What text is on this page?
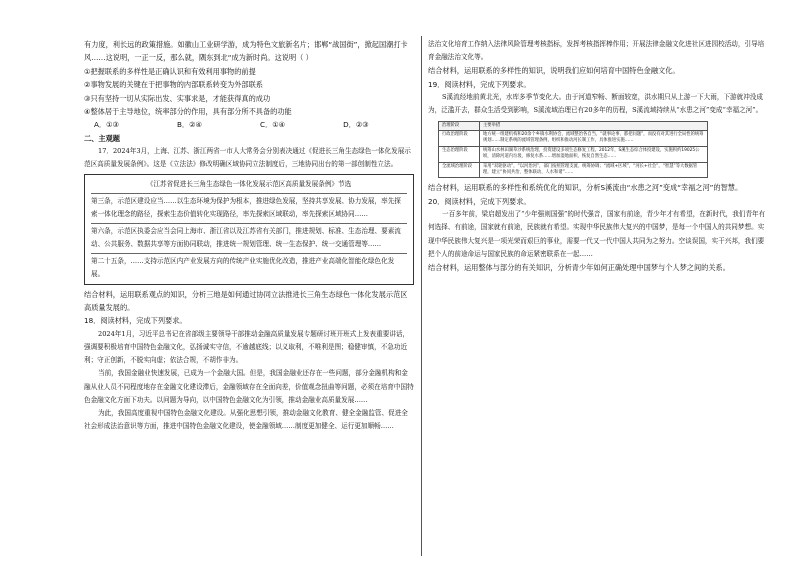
有力度，利长远的政策措施。如徽山工业研学游，成为特色文旅新名片；邯郸“战国街”，掀起国潮打卡风……这说明，一正一反，那么就，隅东到北“成为新时尚。这说明（ ）

①把握联系的多样性是正确认识和有效利用事物的前提

②事物发展的关键在于把事物的内部联系转变为外部联系

③只有坚持一切从实际出发、实事求是，才能获得真的成功

④整体居于主导地位，统率部分的作用，具有部分所不具备的功能

A．①③	B．②④	C．①④	D．②③

二、主观题

17．2024年3月，上海、江苏、浙江两省一市人大常务会分别表决通过《促进长三角生态绿色一体化发展示范区高质量发展条例》。这是《立法法》修改明确区域协同立法制度后，三地协同出台的第一部创制性立法。

《江苏省促进长三角生态绿色一体化发展示范区高质量发展条例》节选
第三条，示范区建设应当……以生态环境为保护为根本，推进绿色发展，坚持共享发展、协力发展，率先探索一体化理念的路径，探索生态价值转化实现路径，率先探索区域联动，率先探索区域协同……
第六条，示范区执委会应当会同上海市、浙江省以及江苏省有关部门，推进规划、标准、生态治理、要素流动、公共服务、数据共享等方面协同联动，推进统一规划管理、统一生态保护、统一交通管理等……
第二十五条，……支持示范区内产业发展方向的传统产业实施优化改造，推进产业高端化智能化绿色化发展。

结合材料，运用联系观点的知识，分析三地是如何通过协同立法推进长三角生态绿色一体化发展示范区高质量发展的。

18．阅读材料，完成下列要求。

2024年1月，习近平总书记在省部级主要领导干部推动金融高质量发展专题研讨班开班式上发表重要讲话，强调要积极培育中国特色金融文化，弘扬诚实守信，不逾越底线；以义取利，不唯利是图；稳健审慎，不急功近利；守正创新，不脱实向虚；依法合规，不胡作非为。

当前，我国金融业快速发展，已成为一个金融大国。但是，我国金融业还存在一些问题，部分金融机构和金融从业人员不同程度地存在金融文化建设滞后，金融领域存在全面向差，价值观念扭曲等问题，必须在培育中国特色金融文化方面下功夫。以问题为导向，以中国特色金融文化为引领，推动金融业高质量发展……

为此，我国高度重视中国特色金融文化建设。从强化思想引领，推动金融文化教育、健全金融监管、促进全社会形成法治意识等方面，推进中国特色金融文化建设，使金融领域……制度更加健全、运行更加顺畅……

法治文化培育工作纳入法律风险管理考核指标，发挥考核指挥棒作用；开展法律金融文化进社区进园校活动，引导培育金融法治文化等。

结合材料，运用联系的多样性的知识，说明我们应如何培育中国特色金融文化。

19．阅读材料，完成下列要求。

S溪流经地前黄北光，水库多季节变化大。由于河道窄畅、断面较宽，洪水期只从上游一下大雨，下游就冲没成为，泛滥开去，群众生活受到影响，S溪流域治理已有20多年的历程，S溪流域持续从“水患之河”变成“幸福之河”。

治理阶段	主要举措
行政治理阶段	地方统一组建机构和20余个乡镇水利协会，流域整治各自当，“就事论事、都把问题”，而没有对其进行全局性的统筹规划……制定系统的流域管理条例，组织和推动河长制工作，具体推进实施……
生态治理阶段	统筹山水林田湖草沙系统治理，投资建设多项生态修复工程。2012年，S溪生态综合体投建设，实施积约19025公顷，清除河道内垃圾、修复水系……增加湿地面积，恢复自然生态……
全流域治理阶段	采用“双轮驱动”，“以河治河”，部门按照管理支流、统筹协调；“流域+区域”，“河长+社会”，“智慧”等大数据管理，建立“协同共治、整体联动、人水和谐”……

结合材料，运用联系的多样性和系统优化的知识，分析S溪流由“水患之河”变成“幸福之河”的智慧。

20．阅读材料，完成下列要求。

一百多年前，梁启超发出了“少年强则国强”的时代强音，国家有前途，青少年才有希望，在新时代，我们青年有何选择、有前途，国家就有前途，民族就有希望。实现中华民族伟大复兴的中国梦，是每一个中国人的共同梦想。实现中华民族伟大复兴是一项光荣而艰巨的事业，需要一代又一代中国人共同为之努力。空谈误国，实干兴邦，我们要把个人的前途命运与国家民族的命运紧密联系在一起……

结合材料，运用整体与部分的有关知识，分析青少年如何正确处理中国梦与个人梦之间的关系。
